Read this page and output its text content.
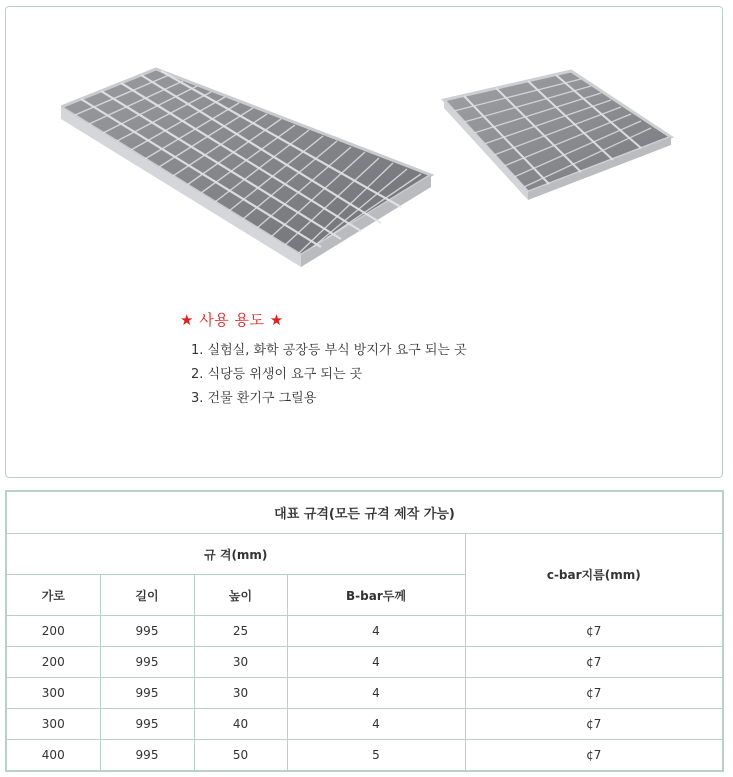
★ 사용 용도 ★

1. 실험실, 화학 공장등 부식 방지가 요구 되는 곳
2. 식당등 위생이 요구 되는 곳
3. 건물 환기구 그릴용
대표 규격(모든 규격 제작 가능)				
규 격(mm)				c-bar지름(mm)
가로	길이	높이	B-bar두께	
200	995	25	4	¢7
200	995	30	4	¢7
300	995	30	4	¢7
300	995	40	4	¢7
400	995	50	5	¢7
